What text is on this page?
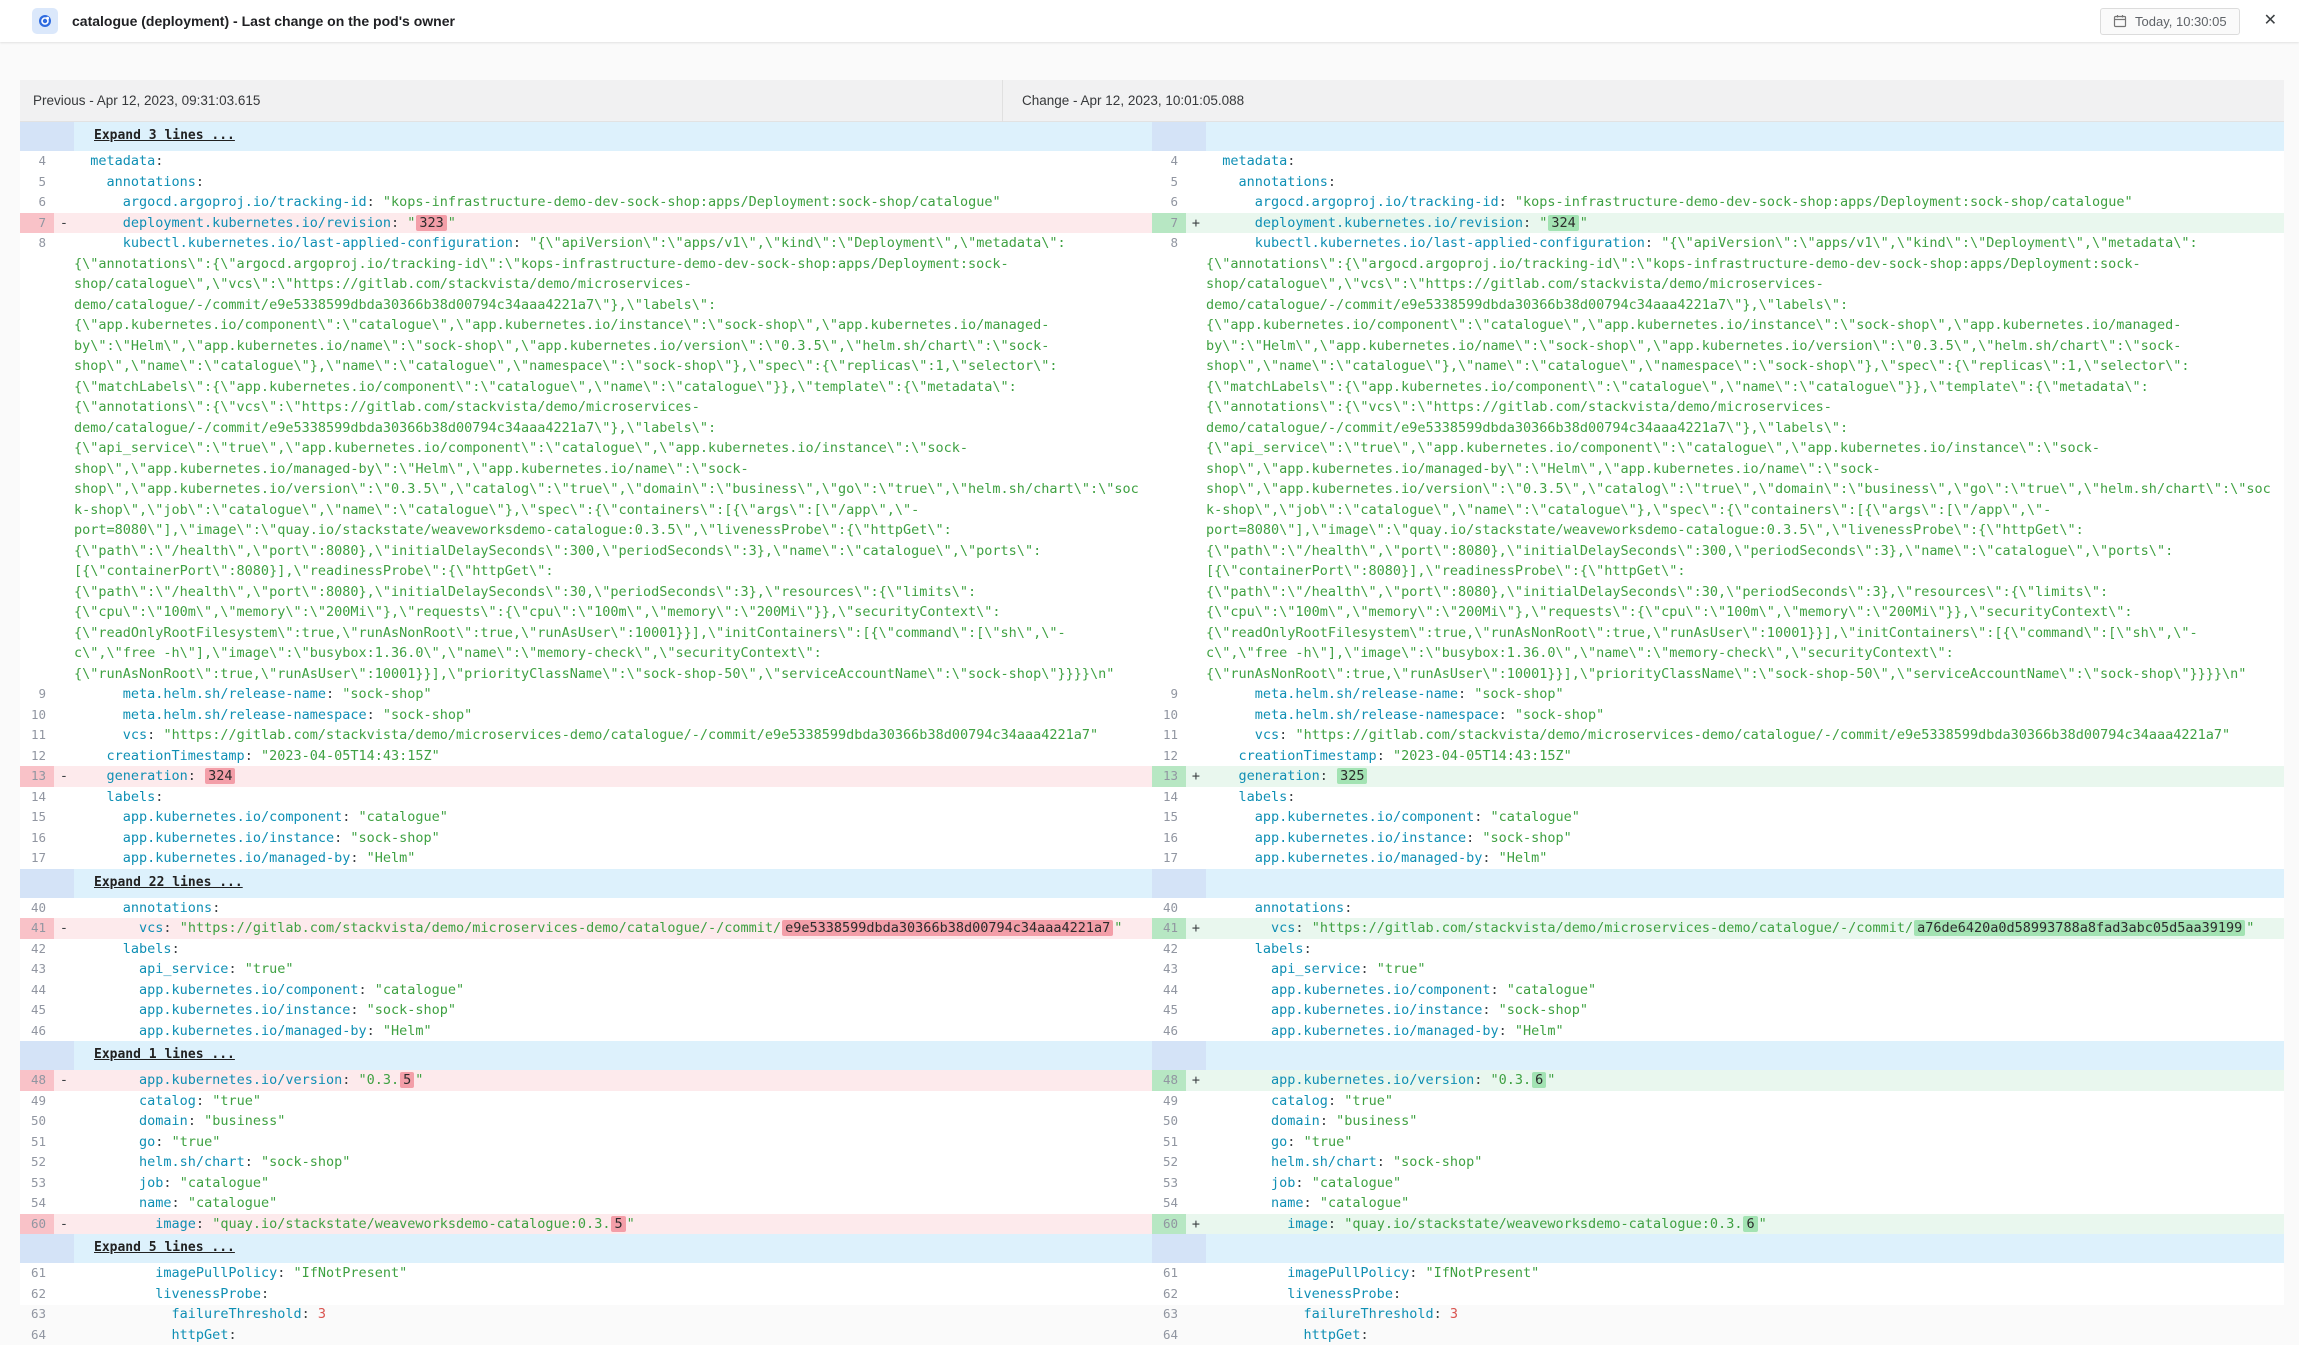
catalogue (deployment) - Last change on the pod's owner	Today, 10:30:05	✕
Previous - Apr 12, 2023, 09:31:03.615	Change - Apr 12, 2023, 10:01:05.088
Expand 3 lines ...
4	metadata:	4	metadata:
5	annotations:	5	annotations:
6	argocd.argoproj.io/tracking-id: "kops-infrastructure-demo-dev-sock-shop:apps/Deployment:sock-shop/catalogue"	6	argocd.argoproj.io/tracking-id: "kops-infrastructure-demo-dev-sock-shop:apps/Deployment:sock-shop/catalogue"
7	- deployment.kubernetes.io/revision: " 323 "	7	+ deployment.kubernetes.io/revision: " 324 "
8	kubectl.kubernetes.io/last-applied-configuration: "{\"apiVersion\":\"apps/v1\",\"kind\":\"Deployment\",\"metadata\":{\"annotations\":{\"argocd.argoproj.io/tracking-id\":\"kops-infrastructure-demo-dev-sock-shop:apps/Deployment:sock-shop/catalogue\",\"vcs\":\"https://gitlab.com/stackvista/demo/microservices-demo/catalogue/-/commit/e9e5338599dbda30366b38d00794c34aaa4221a7\"},\"labels\":{\"app.kubernetes.io/component\":\"catalogue\",\"app.kubernetes.io/instance\":\"sock-shop\",\"app.kubernetes.io/managed-by\":\"Helm\",\"app.kubernetes.io/name\":\"sock-shop\",\"app.kubernetes.io/version\":\"0.3.5\",\"helm.sh/chart\":\"sock-shop\",\"name\":\"catalogue\"},\"name\":\"catalogue\",\"namespace\":\"sock-shop\"},\"spec\":{\"replicas\":1,\"selector\":{\"matchLabels\":{\"app.kubernetes.io/component\":\"catalogue\",\"name\":\"catalogue\"}},\"template\":{\"metadata\":{\"annotations\":{\"vcs\":\"https://gitlab.com/stackvista/demo/microservices-demo/catalogue/-/commit/e9e5338599dbda30366b38d00794c34aaa4221a7\"},\"labels\":{\"api_service\":\"true\",\"app.kubernetes.io/component\":\"catalogue\",\"app.kubernetes.io/instance\":\"sock-shop\",\"app.kubernetes.io/managed-by\":\"Helm\",\"app.kubernetes.io/name\":\"sock-shop\",\"app.kubernetes.io/version\":\"0.3.5\",\"catalog\":\"true\",\"domain\":\"business\",\"go\":\"true\",\"helm.sh/chart\":\"sock-shop\",\"job\":\"catalogue\",\"name\":\"catalogue\"},\"spec\":{\"containers\":[{\"args\":[\"/app\",\"-port=8080\"],\"image\":\"quay.io/stackstate/weaveworksdemo-catalogue:0.3.5\",\"livenessProbe\":{\"httpGet\":{\"path\":\"/health\",\"port\":8080},\"initialDelaySeconds\":300,\"periodSeconds\":3},\"name\":\"catalogue\",\"ports\":[{\"containerPort\":8080}],\"readinessProbe\":{\"httpGet\":{\"path\":\"/health\",\"port\":8080},\"initialDelaySeconds\":30,\"periodSeconds\":3},\"resources\":{\"limits\":{\"cpu\":\"100m\",\"memory\":\"200Mi\"},\"requests\":{\"cpu\":\"100m\",\"memory\":\"200Mi\"}},\"securityContext\":{\"readOnlyRootFilesystem\":true,\"runAsNonRoot\":true,\"runAsUser\":10001}}],\"initContainers\":[{\"command\":[\"sh\",\"-c\",\"free -h\"],\"image\":\"busybox:1.36.0\",\"name\":\"memory-check\",\"securityContext\":{\"runAsNonRoot\":true,\"runAsUser\":10001}}],\"priorityClassName\":\"sock-shop-50\",\"serviceAccountName\":\"sock-shop\"}}}}\n"
8	kubectl.kubernetes.io/last-applied-configuration: "{\"apiVersion\":\"apps/v1\",\"kind\":\"Deployment\",\"metadata\":{\"annotations\":{\"argocd.argoproj.io/tracking-id\":\"kops-infrastructure-demo-dev-sock-shop:apps/Deployment:sock-shop/catalogue\",\"vcs\":\"https://gitlab.com/stackvista/demo/microservices-demo/catalogue/-/commit/e9e5338599dbda30366b38d00794c34aaa4221a7\"},\"labels\":{\"app.kubernetes.io/component\":\"catalogue\",\"app.kubernetes.io/instance\":\"sock-shop\",\"app.kubernetes.io/managed-by\":\"Helm\",\"app.kubernetes.io/name\":\"sock-shop\",\"app.kubernetes.io/version\":\"0.3.5\",\"helm.sh/chart\":\"sock-shop\",\"name\":\"catalogue\"},\"name\":\"catalogue\",\"namespace\":\"sock-shop\"},\"spec\":{\"replicas\":1,\"selector\":{\"matchLabels\":{\"app.kubernetes.io/component\":\"catalogue\",\"name\":\"catalogue\"}},\"template\":{\"metadata\":{\"annotations\":{\"vcs\":\"https://gitlab.com/stackvista/demo/microservices-demo/catalogue/-/commit/e9e5338599dbda30366b38d00794c34aaa4221a7\"},\"labels\":{\"api_service\":\"true\",\"app.kubernetes.io/component\":\"catalogue\",\"app.kubernetes.io/instance\":\"sock-shop\",\"app.kubernetes.io/managed-by\":\"Helm\",\"app.kubernetes.io/name\":\"sock-shop\",\"app.kubernetes.io/version\":\"0.3.5\",\"catalog\":\"true\",\"domain\":\"business\",\"go\":\"true\",\"helm.sh/chart\":\"sock-shop\",\"job\":\"catalogue\",\"name\":\"catalogue\"},\"spec\":{\"containers\":[{\"args\":[\"/app\",\"-port=8080\"],\"image\":\"quay.io/stackstate/weaveworksdemo-catalogue:0.3.5\",\"livenessProbe\":{\"httpGet\":{\"path\":\"/health\",\"port\":8080},\"initialDelaySeconds\":300,\"periodSeconds\":3},\"name\":\"catalogue\",\"ports\":[{\"containerPort\":8080}],\"readinessProbe\":{\"httpGet\":{\"path\":\"/health\",\"port\":8080},\"initialDelaySeconds\":30,\"periodSeconds\":3},\"resources\":{\"limits\":{\"cpu\":\"100m\",\"memory\":\"200Mi\"},\"requests\":{\"cpu\":\"100m\",\"memory\":\"200Mi\"}},\"securityContext\":{\"readOnlyRootFilesystem\":true,\"runAsNonRoot\":true,\"runAsUser\":10001}}],\"initContainers\":[{\"command\":[\"sh\",\"-c\",\"free -h\"],\"image\":\"busybox:1.36.0\",\"name\":\"memory-check\",\"securityContext\":{\"runAsNonRoot\":true,\"runAsUser\":10001}}],\"priorityClassName\":\"sock-shop-50\",\"serviceAccountName\":\"sock-shop\"}}}}\n"
9	meta.helm.sh/release-name: "sock-shop"	9	meta.helm.sh/release-name: "sock-shop"
10	meta.helm.sh/release-namespace: "sock-shop"	10	meta.helm.sh/release-namespace: "sock-shop"
11	vcs: "https://gitlab.com/stackvista/demo/microservices-demo/catalogue/-/commit/e9e5338599dbda30366b38d00794c34aaa4221a7"	11	vcs: "https://gitlab.com/stackvista/demo/microservices-demo/catalogue/-/commit/e9e5338599dbda30366b38d00794c34aaa4221a7"
12	creationTimestamp: "2023-04-05T14:43:15Z"	12	creationTimestamp: "2023-04-05T14:43:15Z"
13	- generation: 324	13	+ generation: 325
14	labels:	14	labels:
15	app.kubernetes.io/component: "catalogue"	15	app.kubernetes.io/component: "catalogue"
16	app.kubernetes.io/instance: "sock-shop"	16	app.kubernetes.io/instance: "sock-shop"
17	app.kubernetes.io/managed-by: "Helm"	17	app.kubernetes.io/managed-by: "Helm"
Expand 22 lines ...
40	annotations:	40	annotations:
41	- vcs: "https://gitlab.com/stackvista/demo/microservices-demo/catalogue/-/commit/ e9e5338599dbda30366b38d00794c34aaa4221a7 "	41	+ vcs: "https://gitlab.com/stackvista/demo/microservices-demo/catalogue/-/commit/ a76de6420a0d58993788a8fad3abc05d5aa39199 "
42	labels:	42	labels:
43	api_service: "true"	43	api_service: "true"
44	app.kubernetes.io/component: "catalogue"	44	app.kubernetes.io/component: "catalogue"
45	app.kubernetes.io/instance: "sock-shop"	45	app.kubernetes.io/instance: "sock-shop"
46	app.kubernetes.io/managed-by: "Helm"	46	app.kubernetes.io/managed-by: "Helm"
Expand 1 lines ...
48	- app.kubernetes.io/version: "0.3. 5 "	48	+ app.kubernetes.io/version: "0.3. 6 "
49	catalog: "true"	49	catalog: "true"
50	domain: "business"	50	domain: "business"
51	go: "true"	51	go: "true"
52	helm.sh/chart: "sock-shop"	52	helm.sh/chart: "sock-shop"
53	job: "catalogue"	53	job: "catalogue"
54	name: "catalogue"	54	name: "catalogue"
60	- image: "quay.io/stackstate/weaveworksdemo-catalogue:0.3. 5 "	60	+ image: "quay.io/stackstate/weaveworksdemo-catalogue:0.3. 6 "
Expand 5 lines ...
61	imagePullPolicy: "IfNotPresent"	61	imagePullPolicy: "IfNotPresent"
62	livenessProbe:	62	livenessProbe:
63	failureThreshold: 3	63	failureThreshold: 3
64	httpGet:	64	httpGet:
